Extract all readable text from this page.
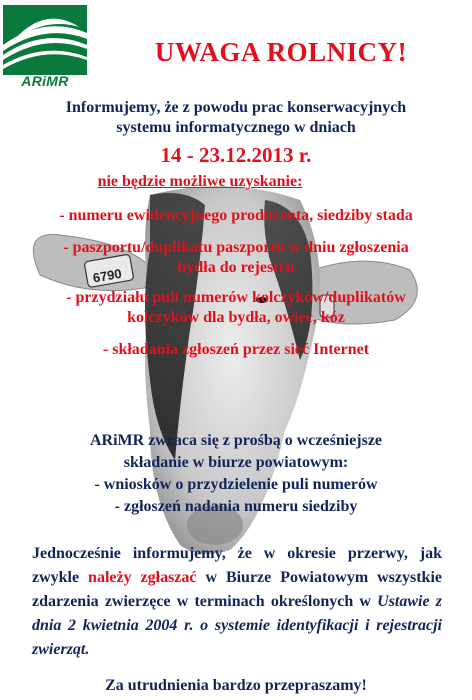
6790
ARiMR
UWAGA ROLNICY!
Informujemy, że z powodu prac konserwacyjnych
systemu informatycznego w dniach
14 - 23.12.2013 r.
nie będzie możliwe uzyskanie:
- numeru ewidencyjnego producenta, siedziby stada
- paszportu/duplikatu paszportu w dniu zgłoszenia
bydła do rejestru
- przydziału puli numerów kolczyków/duplikatów
kolczyków dla bydła, owiec, kóz
- składania zgłoszeń przez sieć Internet
ARiMR zwraca się z prośbą o wcześniejsze
składanie w biurze powiatowym:
- wniosków o przydzielenie puli numerów
- zgłoszeń nadania numeru siedziby
Jednocześnie informujemy, że w okresie przerwy, jak zwykle należy zgłaszać w Biurze Powiatowym wszystkie zdarzenia zwierzęce w terminach określonych w Ustawie z dnia 2 kwietnia 2004 r. o systemie identyfikacji i rejestracji zwierząt.
Za utrudnienia bardzo przepraszamy!
